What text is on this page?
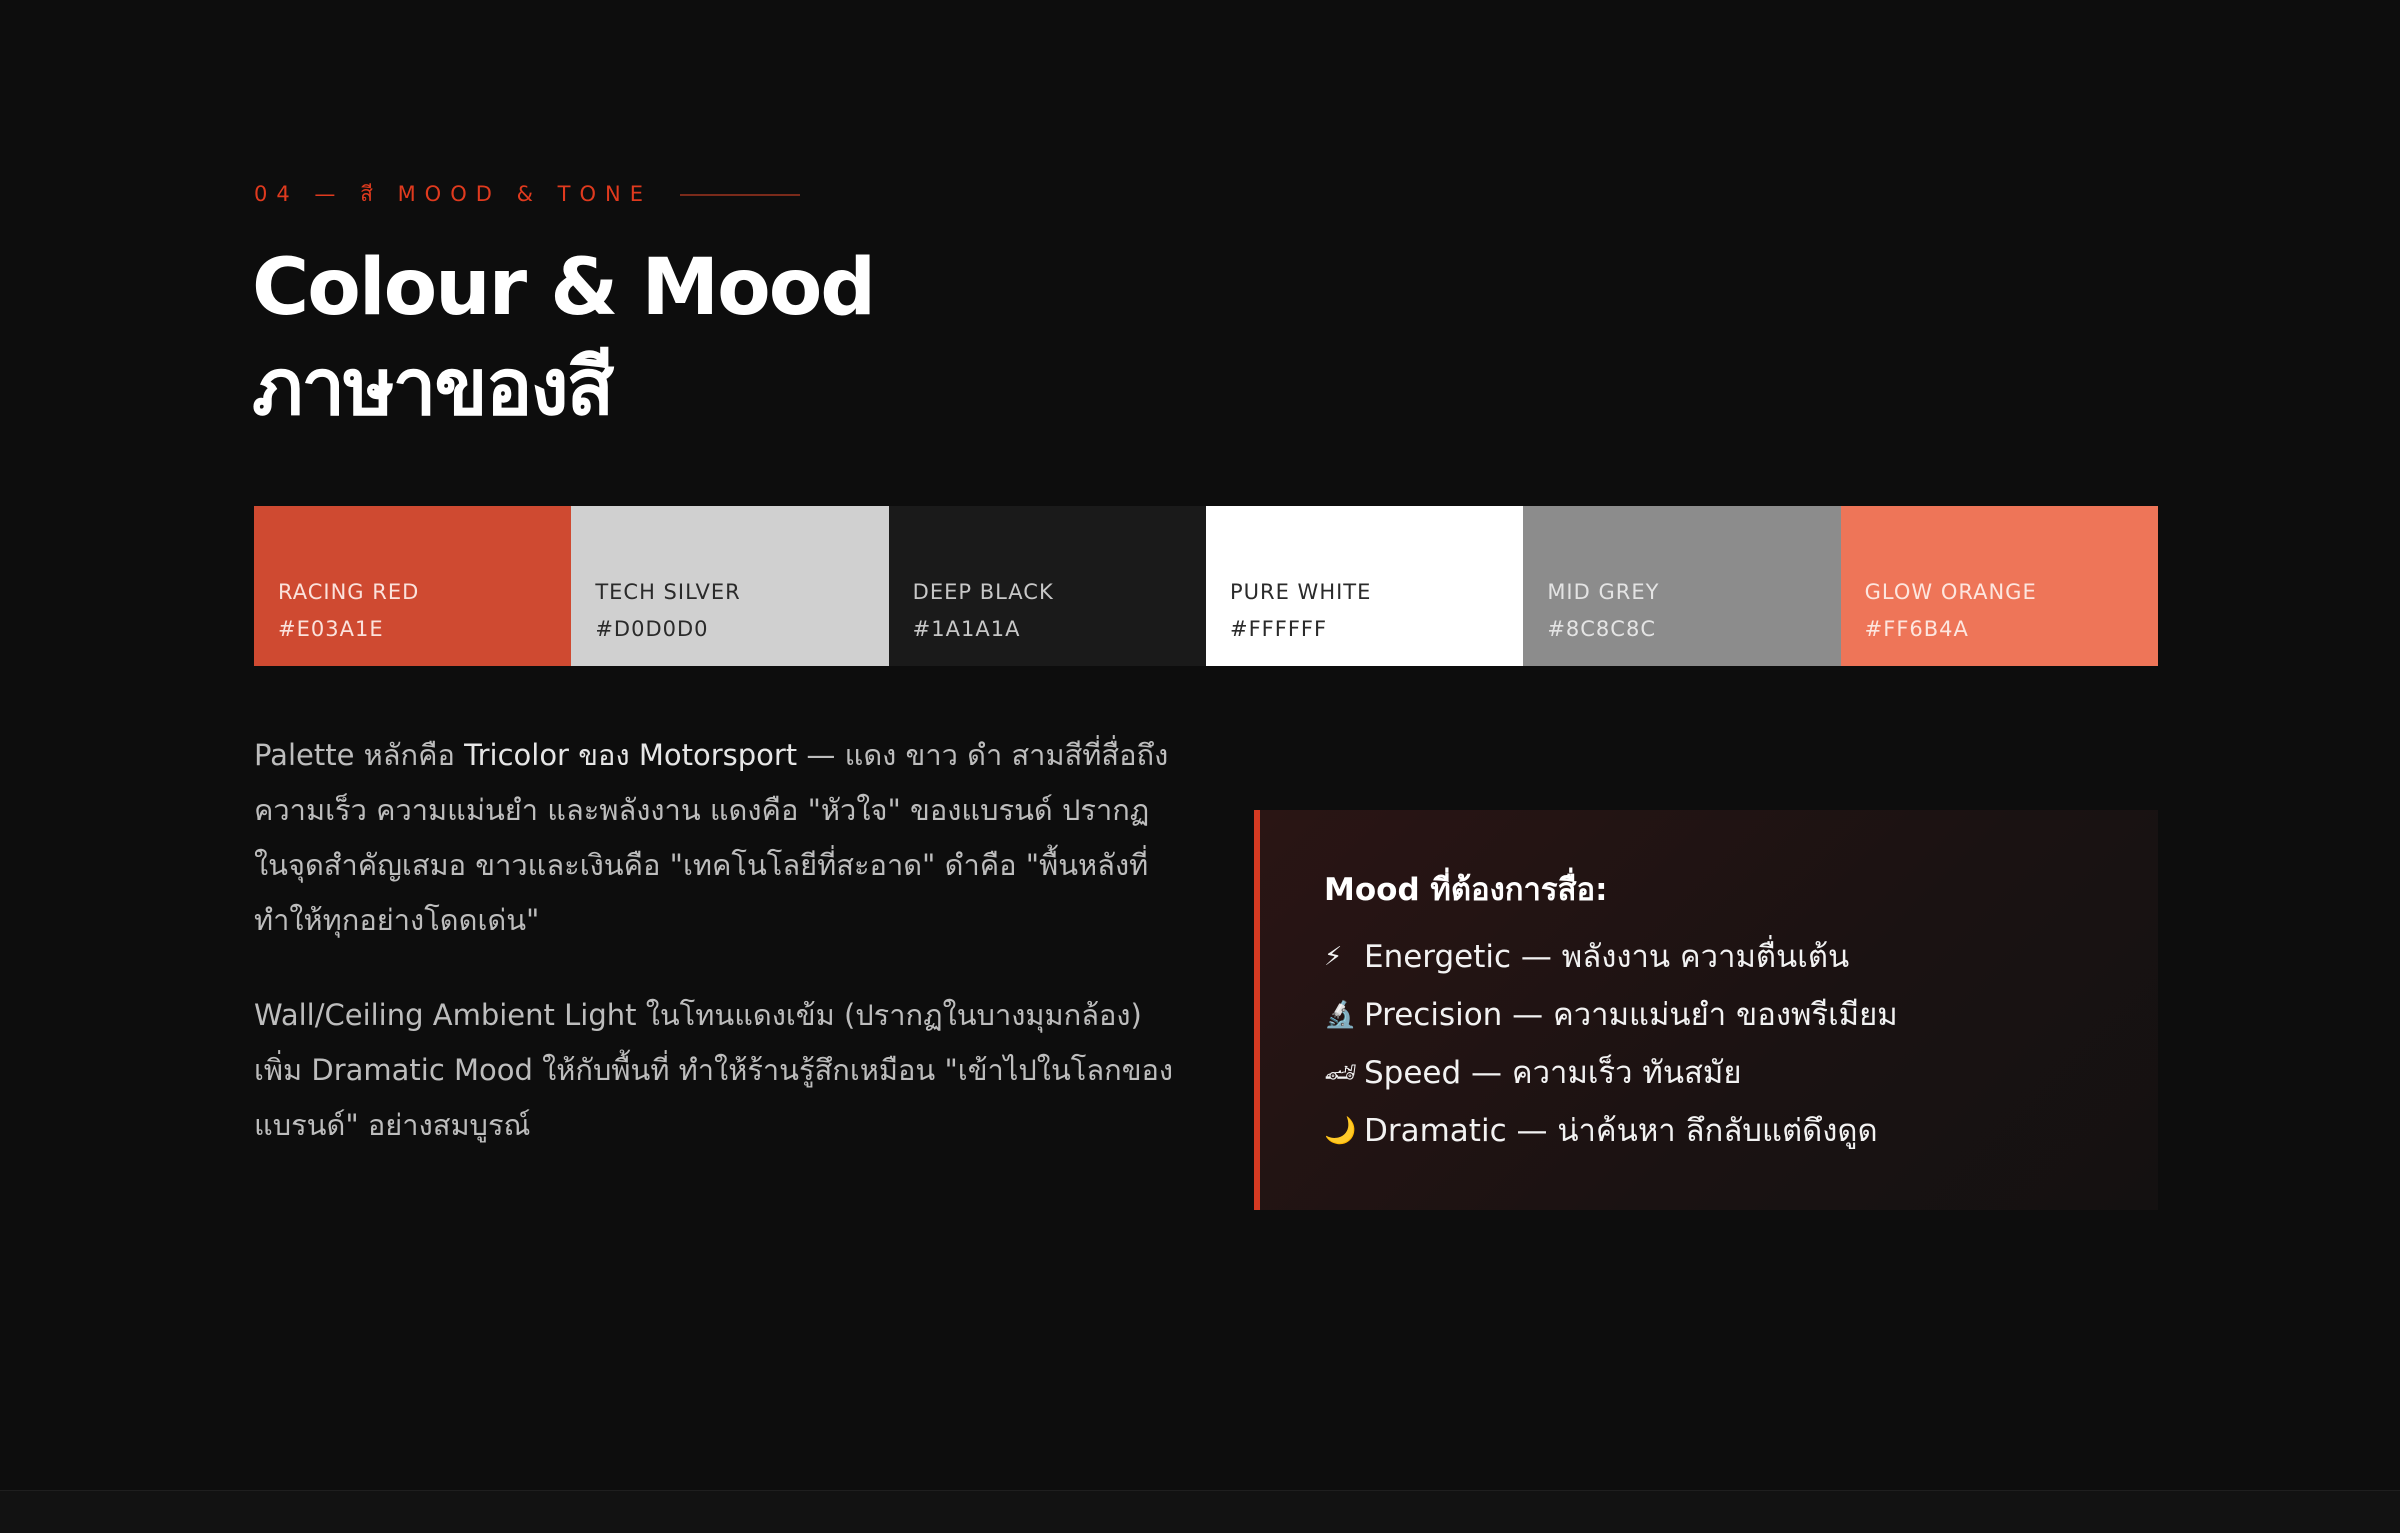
04 — สี MOOD & TONE
Colour & Mood
ภาษาของสี
RACING RED
#E03A1E
TECH SILVER
#D0D0D0
DEEP BLACK
#1A1A1A
PURE WHITE
#FFFFFF
MID GREY
#8C8C8C
GLOW ORANGE
#FF6B4A

Palette หลักคือ Tricolor ของ Motorsport — แดง ขาว ดำ สามสีที่สื่อถึง ความเร็ว ความแม่นยำ และพลังงาน แดงคือ "หัวใจ" ของแบรนด์ ปรากฏในจุดสำคัญเสมอ ขาวและเงินคือ "เทคโนโลยีที่สะอาด" ดำคือ "พื้นหลังที่ทำให้ทุกอย่างโดดเด่น"

Wall/Ceiling Ambient Light ในโทนแดงเข้ม (ปรากฏในบางมุมกล้อง) เพิ่ม Dramatic Mood ให้กับพื้นที่ ทำให้ร้านรู้สึกเหมือน "เข้าไปในโลกของแบรนด์" อย่างสมบูรณ์

Mood ที่ต้องการสื่อ:
⚡ Energetic — พลังงาน ความตื่นเต้น
🔬 Precision — ความแม่นยำ ของพรีเมียม
🏎 Speed — ความเร็ว ทันสมัย
🌙 Dramatic — น่าค้นหา ลึกลับแต่ดึงดูด
